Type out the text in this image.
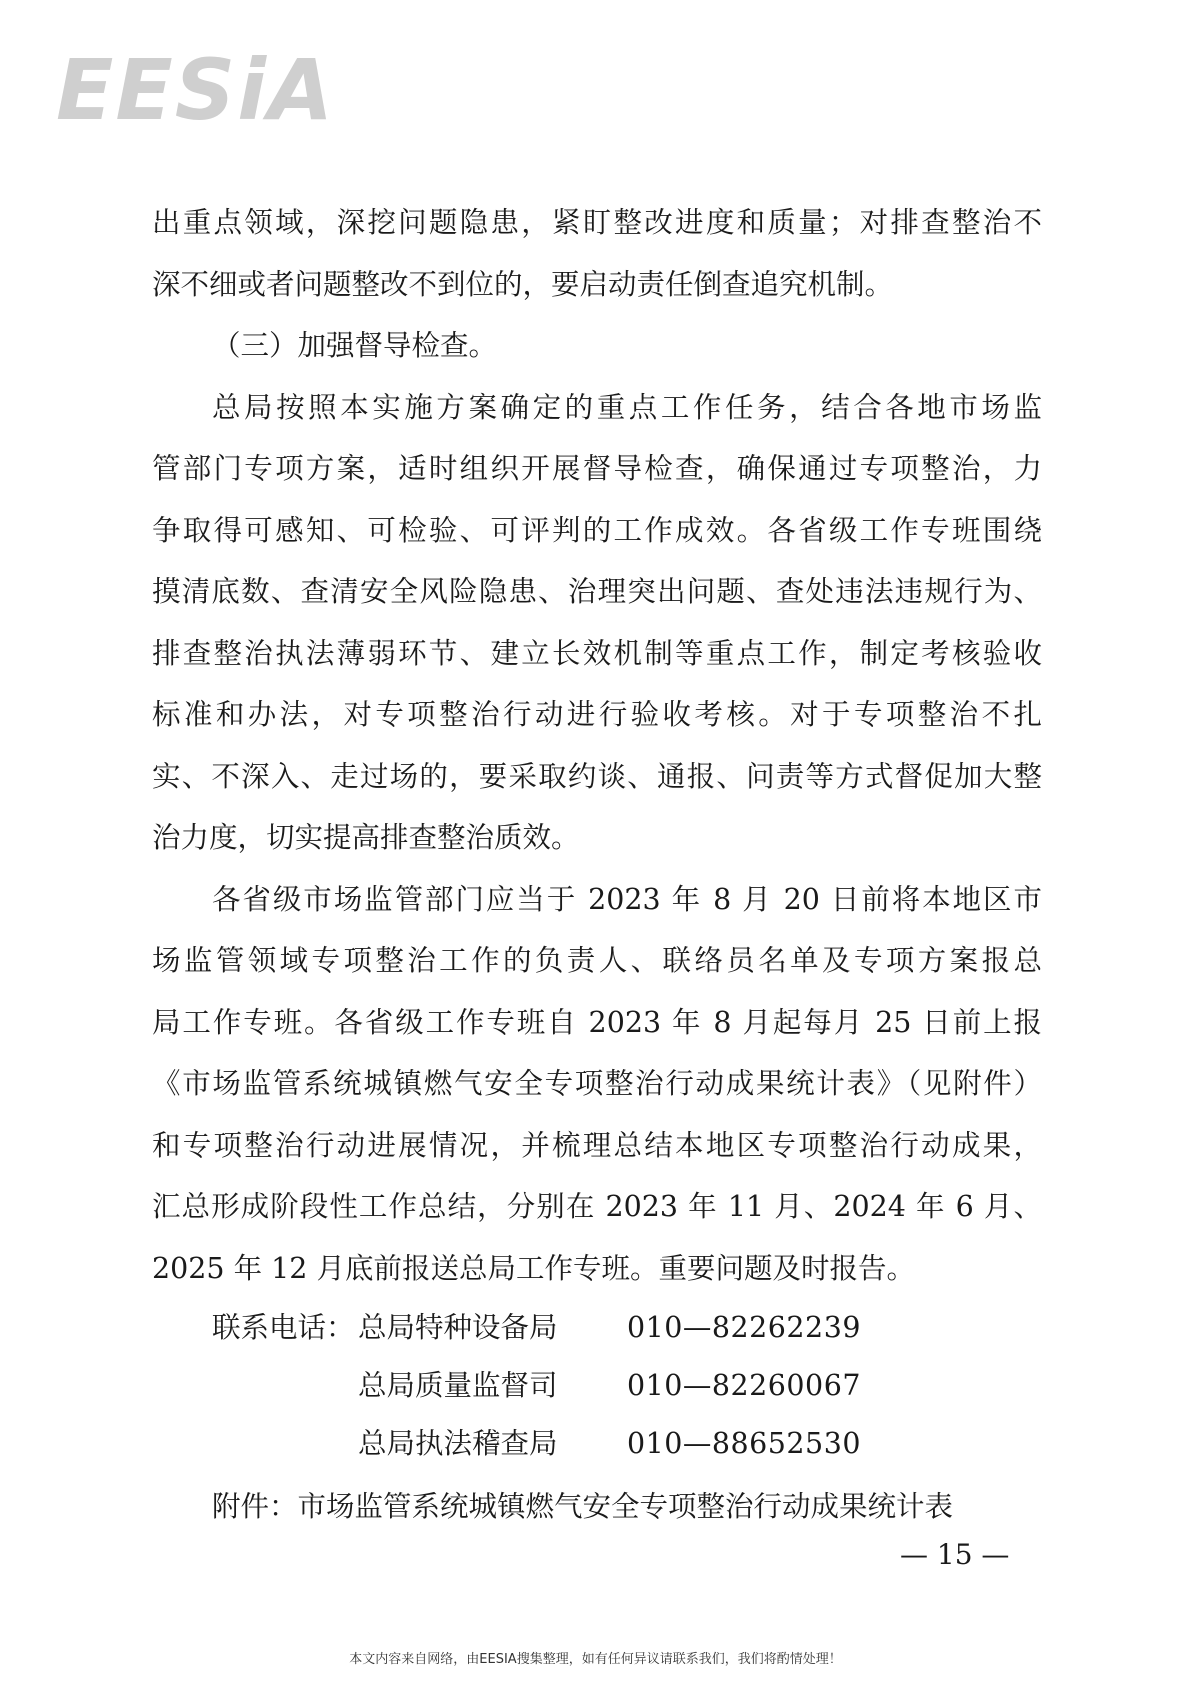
EESiA
出重点领域，深挖问题隐患，紧盯整改进度和质量；对排查整治不
深不细或者问题整改不到位的，要启动责任倒查追究机制。
（三）加强督导检查。
总局按照本实施方案确定的重点工作任务，结合各地市场监
管部门专项方案，适时组织开展督导检查，确保通过专项整治，力
争取得可感知、可检验、可评判的工作成效。各省级工作专班围绕
摸清底数、查清安全风险隐患、治理突出问题、查处违法违规行为、
排查整治执法薄弱环节、建立长效机制等重点工作，制定考核验收
标准和办法，对专项整治行动进行验收考核。对于专项整治不扎
实、不深入、走过场的，要采取约谈、通报、问责等方式督促加大整
治力度，切实提高排查整治质效。
各省级市场监管部门应当于 2023 年 8 月 20 日前将本地区市
场监管领域专项整治工作的负责人、联络员名单及专项方案报总
局工作专班。各省级工作专班自 2023 年 8 月起每月 25 日前上报
《市场监管系统城镇燃气安全专项整治行动成果统计表》（见附件）
和专项整治行动进展情况，并梳理总结本地区专项整治行动成果，
汇总形成阶段性工作总结，分别在 2023 年 11 月、2024 年 6 月、
2025 年 12 月底前报送总局工作专班。重要问题及时报告。
联系电话： 总局特种设备局 010—82262239
总局质量监督司 010—82260067
总局执法稽查局 010—88652530
附件：市场监管系统城镇燃气安全专项整治行动成果统计表
— 15 —
本文内容来自网络，由EESIA搜集整理，如有任何异议请联系我们，我们将酌情处理！
